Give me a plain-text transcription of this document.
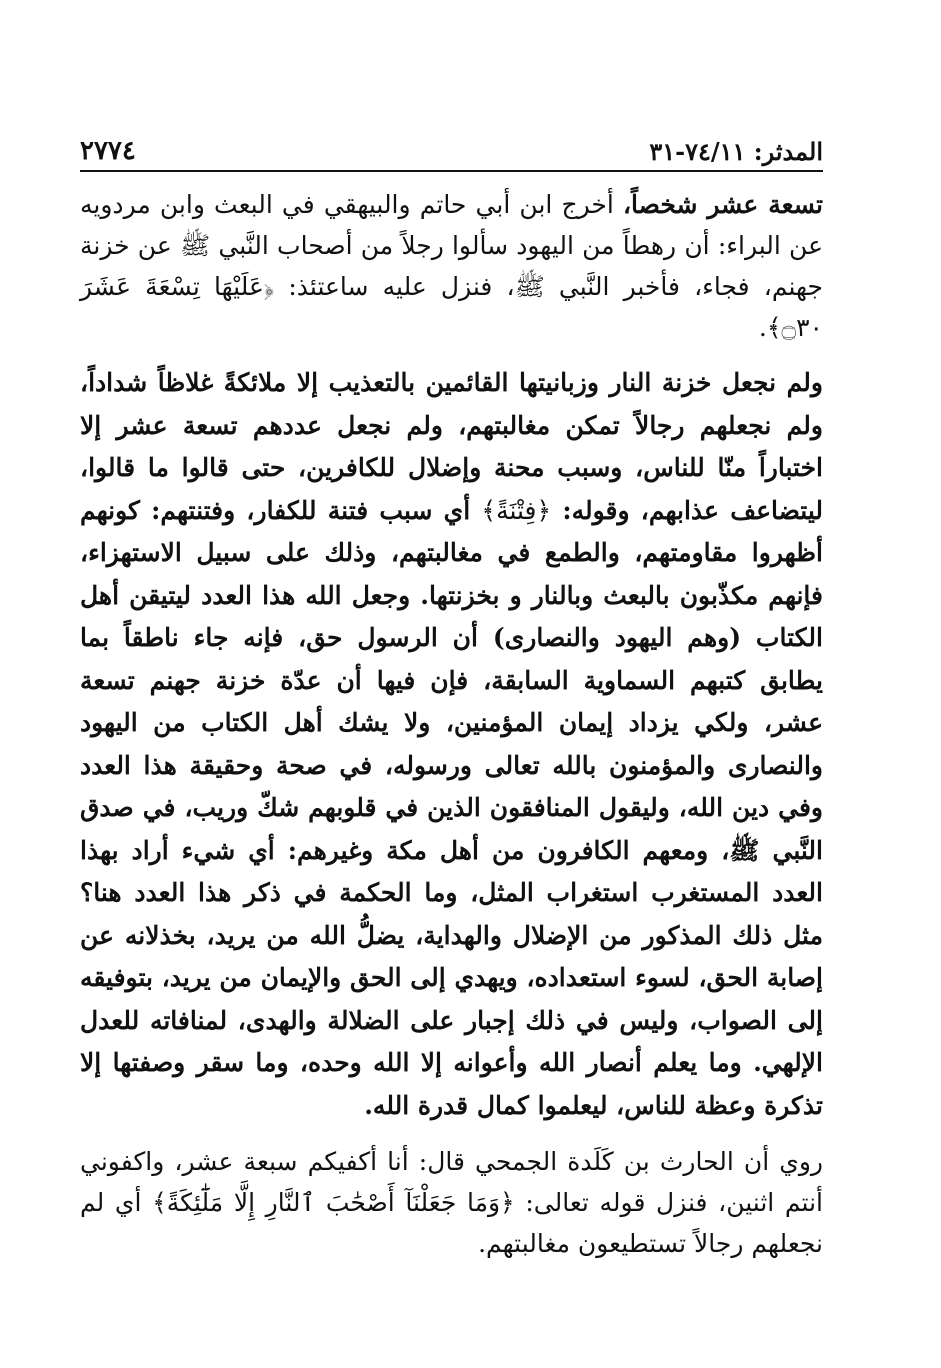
المدثر: ٧٤/١١-٣١
٢٧٧٤

تسعة عشر شخصاً، أخرج ابن أبي حاتم والبيهقي في البعث وابن مردويه عن البراء: أن رهطاً من اليهود سألوا رجلاً من أصحاب النَّبي ﷺ عن خزنة جهنم، فجاء، فأخبر النَّبي ﷺ، فنزل عليه ساعتئذ: ﴿عَلَيْهَا تِسْعَةَ عَشَرَ ۝٣٠﴾.

ولم نجعل خزنة النار وزبانيتها القائمين بالتعذيب إلا ملائكةً غلاظاً شداداً، ولم نجعلهم رجالاً تمكن مغالبتهم، ولم نجعل عددهم تسعة عشر إلا اختباراً منّا للناس، وسبب محنة وإضلال للكافرين، حتى قالوا ما قالوا، ليتضاعف عذابهم، وقوله: ﴿فِتْنَةً﴾ أي سبب فتنة للكفار، وفتنتهم: كونهم أظهروا مقاومتهم، والطمع في مغالبتهم، وذلك على سبيل الاستهزاء، فإنهم مكذّبون بالبعث وبالنار و بخزنتها. وجعل الله هذا العدد ليتيقن أهل الكتاب (وهم اليهود والنصارى) أن الرسول حق، فإنه جاء ناطقاً بما يطابق كتبهم السماوية السابقة، فإن فيها أن عدّة خزنة جهنم تسعة عشر، ولكي يزداد إيمان المؤمنين، ولا يشك أهل الكتاب من اليهود والنصارى والمؤمنون بالله تعالى ورسوله، في صحة وحقيقة هذا العدد وفي دين الله، وليقول المنافقون الذين في قلوبهم شكّ وريب، في صدق النَّبي ﷺ، ومعهم الكافرون من أهل مكة وغيرهم: أي شيء أراد بهذا العدد المستغرب استغراب المثل، وما الحكمة في ذكر هذا العدد هنا؟ مثل ذلك المذكور من الإضلال والهداية، يضلُّ الله من يريد، بخذلانه عن إصابة الحق، لسوء استعداده، ويهدي إلى الحق والإيمان من يريد، بتوفيقه إلى الصواب، وليس في ذلك إجبار على الضلالة والهدى، لمنافاته للعدل الإلهي. وما يعلم أنصار الله وأعوانه إلا الله وحده، وما سقر وصفتها إلا تذكرة وعظة للناس، ليعلموا كمال قدرة الله.

روي أن الحارث بن كَلَدة الجمحي قال: أنا أكفيكم سبعة عشر، واكفوني أنتم اثنين، فنزل قوله تعالى: ﴿وَمَا جَعَلْنَآ أَصْحَٰبَ ٱلنَّارِ إِلَّا مَلَٰٓئِكَةً﴾ أي لم نجعلهم رجالاً تستطيعون مغالبتهم.
